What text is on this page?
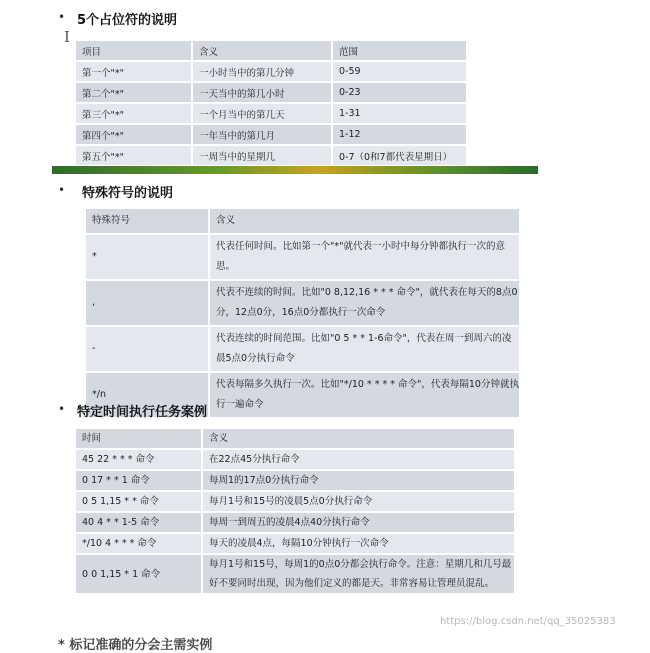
• 5个占位符的说明
Ι
项目	含义	范围
第一个"*"	一小时当中的第几分钟	0-59
第二个"*"	一天当中的第几小时	0-23
第三个"*"	一个月当中的第几天	1-31
第四个"*"	一年当中的第几月	1-12
第五个"*"	一周当中的星期几	0-7（0和7都代表星期日）
• 特殊符号的说明
特殊符号	含义
*	代表任何时间。比如第一个"*"就代表一小时中每分钟都执行一次的意思。
,	代表不连续的时间。比如"0 8,12,16 * * * 命令"，就代表在每天的8点0分，12点0分，16点0分都执行一次命令
-	代表连续的时间范围。比如"0 5 * * 1-6命令"，代表在周一到周六的凌晨5点0分执行命令
*/n	代表每隔多久执行一次。比如"*/10 * * * * 命令"，代表每隔10分钟就执行一遍命令
• 特定时间执行任务案例
时间	含义
45 22 * * * 命令	在22点45分执行命令
0 17 * * 1 命令	每周1的17点0分执行命令
0 5 1,15 * * 命令	每月1号和15号的凌晨5点0分执行命令
40 4 * * 1-5 命令	每周一到周五的凌晨4点40分执行命令
*/10 4 * * * 命令	每天的凌晨4点，每隔10分钟执行一次命令
0 0 1,15 * 1 命令	每月1号和15号，每周1的0点0分都会执行命令。注意：星期几和几号最好不要同时出现，因为他们定义的都是天。非常容易让管理员混乱。
https://blog.csdn.net/qq_35025383
* 标记准确的分会主需实例
